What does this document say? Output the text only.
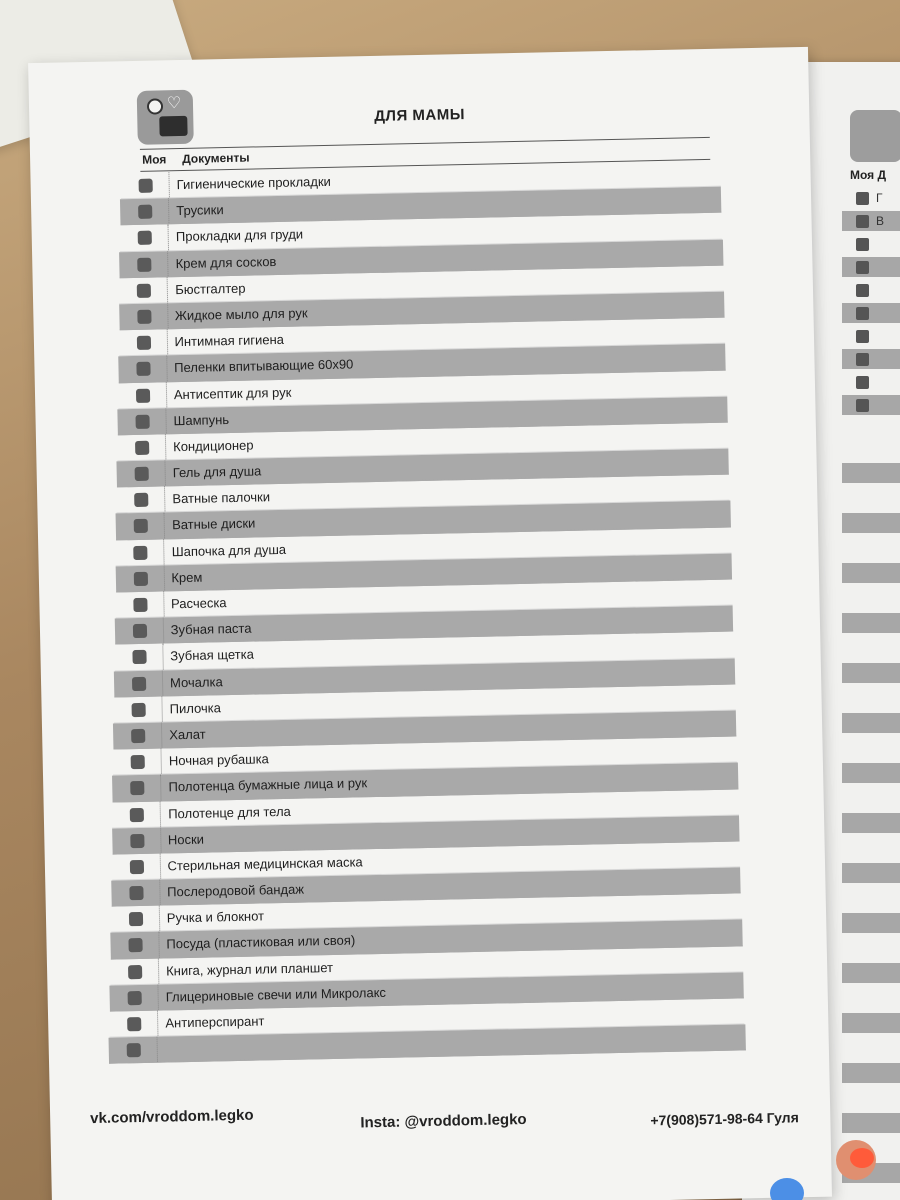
Моя Д
Г
В
♡
ДЛЯ МАМЫ
Моя Документы
Гигиенические прокладки
Трусики
Прокладки для груди
Крем для сосков
Бюстгалтер
Жидкое мыло для рук
Интимная гигиена
Пеленки впитывающие 60х90
Антисептик для рук
Шампунь
Кондиционер
Гель для душа
Ватные палочки
Ватные диски
Шапочка для душа
Крем
Расческа
Зубная паста
Зубная щетка
Мочалка
Пилочка
Халат
Ночная рубашка
Полотенца бумажные лица и рук
Полотенце для тела
Носки
Стерильная медицинская маска
Послеродовой бандаж
Ручка и блокнот
Посуда (пластиковая или своя)
Книга, журнал или планшет
Глицериновые свечи или Микролакс
Антиперспирант
vk.com/vroddom.legko	Insta: @vroddom.legko	+7(908)571-98-64 Гуля
